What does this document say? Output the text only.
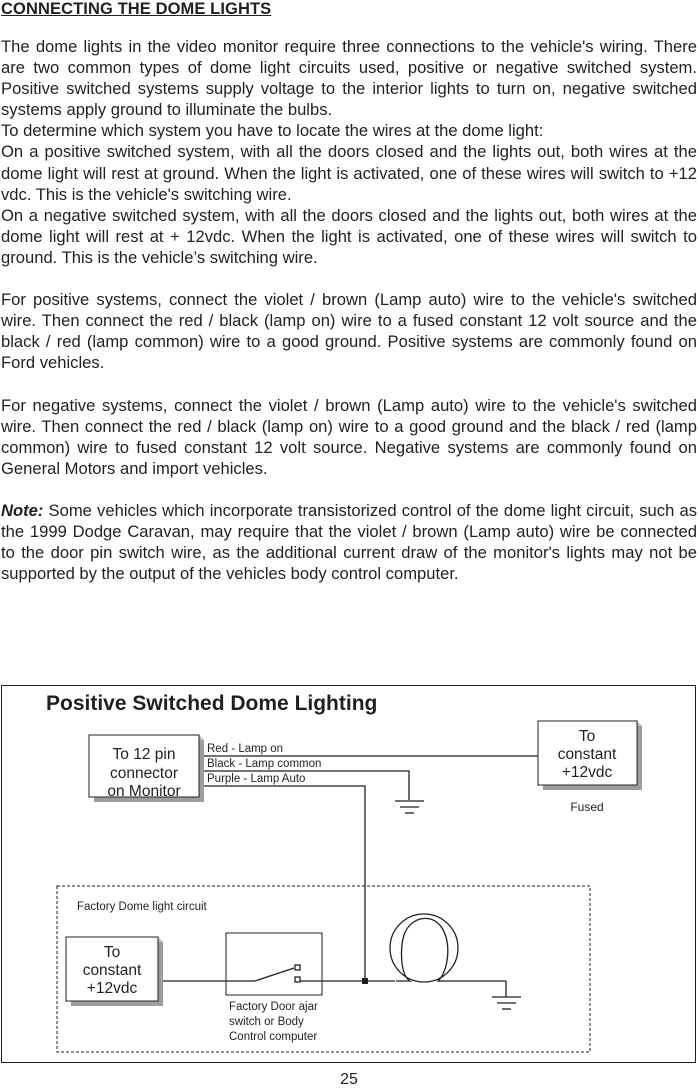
CONNECTING THE DOME LIGHTS

The dome lights in the video monitor require three connections to the vehicle's wiring. There are two common types of dome light circuits used, positive or negative switched system. Positive switched systems supply voltage to the interior lights to turn on, negative switched systems apply ground to illuminate the bulbs.

To determine which system you have to locate the wires at the dome light:

On a positive switched system, with all the doors closed and the lights out, both wires at the dome light will rest at ground. When the light is activated, one of these wires will switch to +12 vdc. This is the vehicle's switching wire.

On a negative switched system, with all the doors closed and the lights out, both wires at the dome light will rest at + 12vdc. When the light is activated, one of these wires will switch to ground. This is the vehicle’s switching wire.

For positive systems, connect the violet / brown (Lamp auto) wire to the vehicle's switched wire. Then connect the red / black (lamp on) wire to a fused constant 12 volt source and the black / red (lamp common) wire to a good ground. Positive systems are commonly found on Ford vehicles.

For negative systems, connect the violet / brown (Lamp auto) wire to the vehicle's switched wire. Then connect the red / black (lamp on) wire to a good ground and the black / red (lamp common) wire to fused constant 12 volt source. Negative systems are commonly found on General Motors and import vehicles.

Note: Some vehicles which incorporate transistorized control of the dome light circuit, such as the 1999 Dodge Caravan, may require that the violet / brown (Lamp auto) wire be connected to the door pin switch wire, as the additional current draw of the monitor's lights may not be supported by the output of the vehicles body control computer.

Positive Switched Dome Lighting
To 12 pin
connector
on Monitor
To
constant
+12vdc
Fused
Red - Lamp on
Black - Lamp common
Purple - Lamp Auto
Factory Dome light circuit
To
constant
+12vdc
Factory Door ajar
switch or Body
Control computer
25
